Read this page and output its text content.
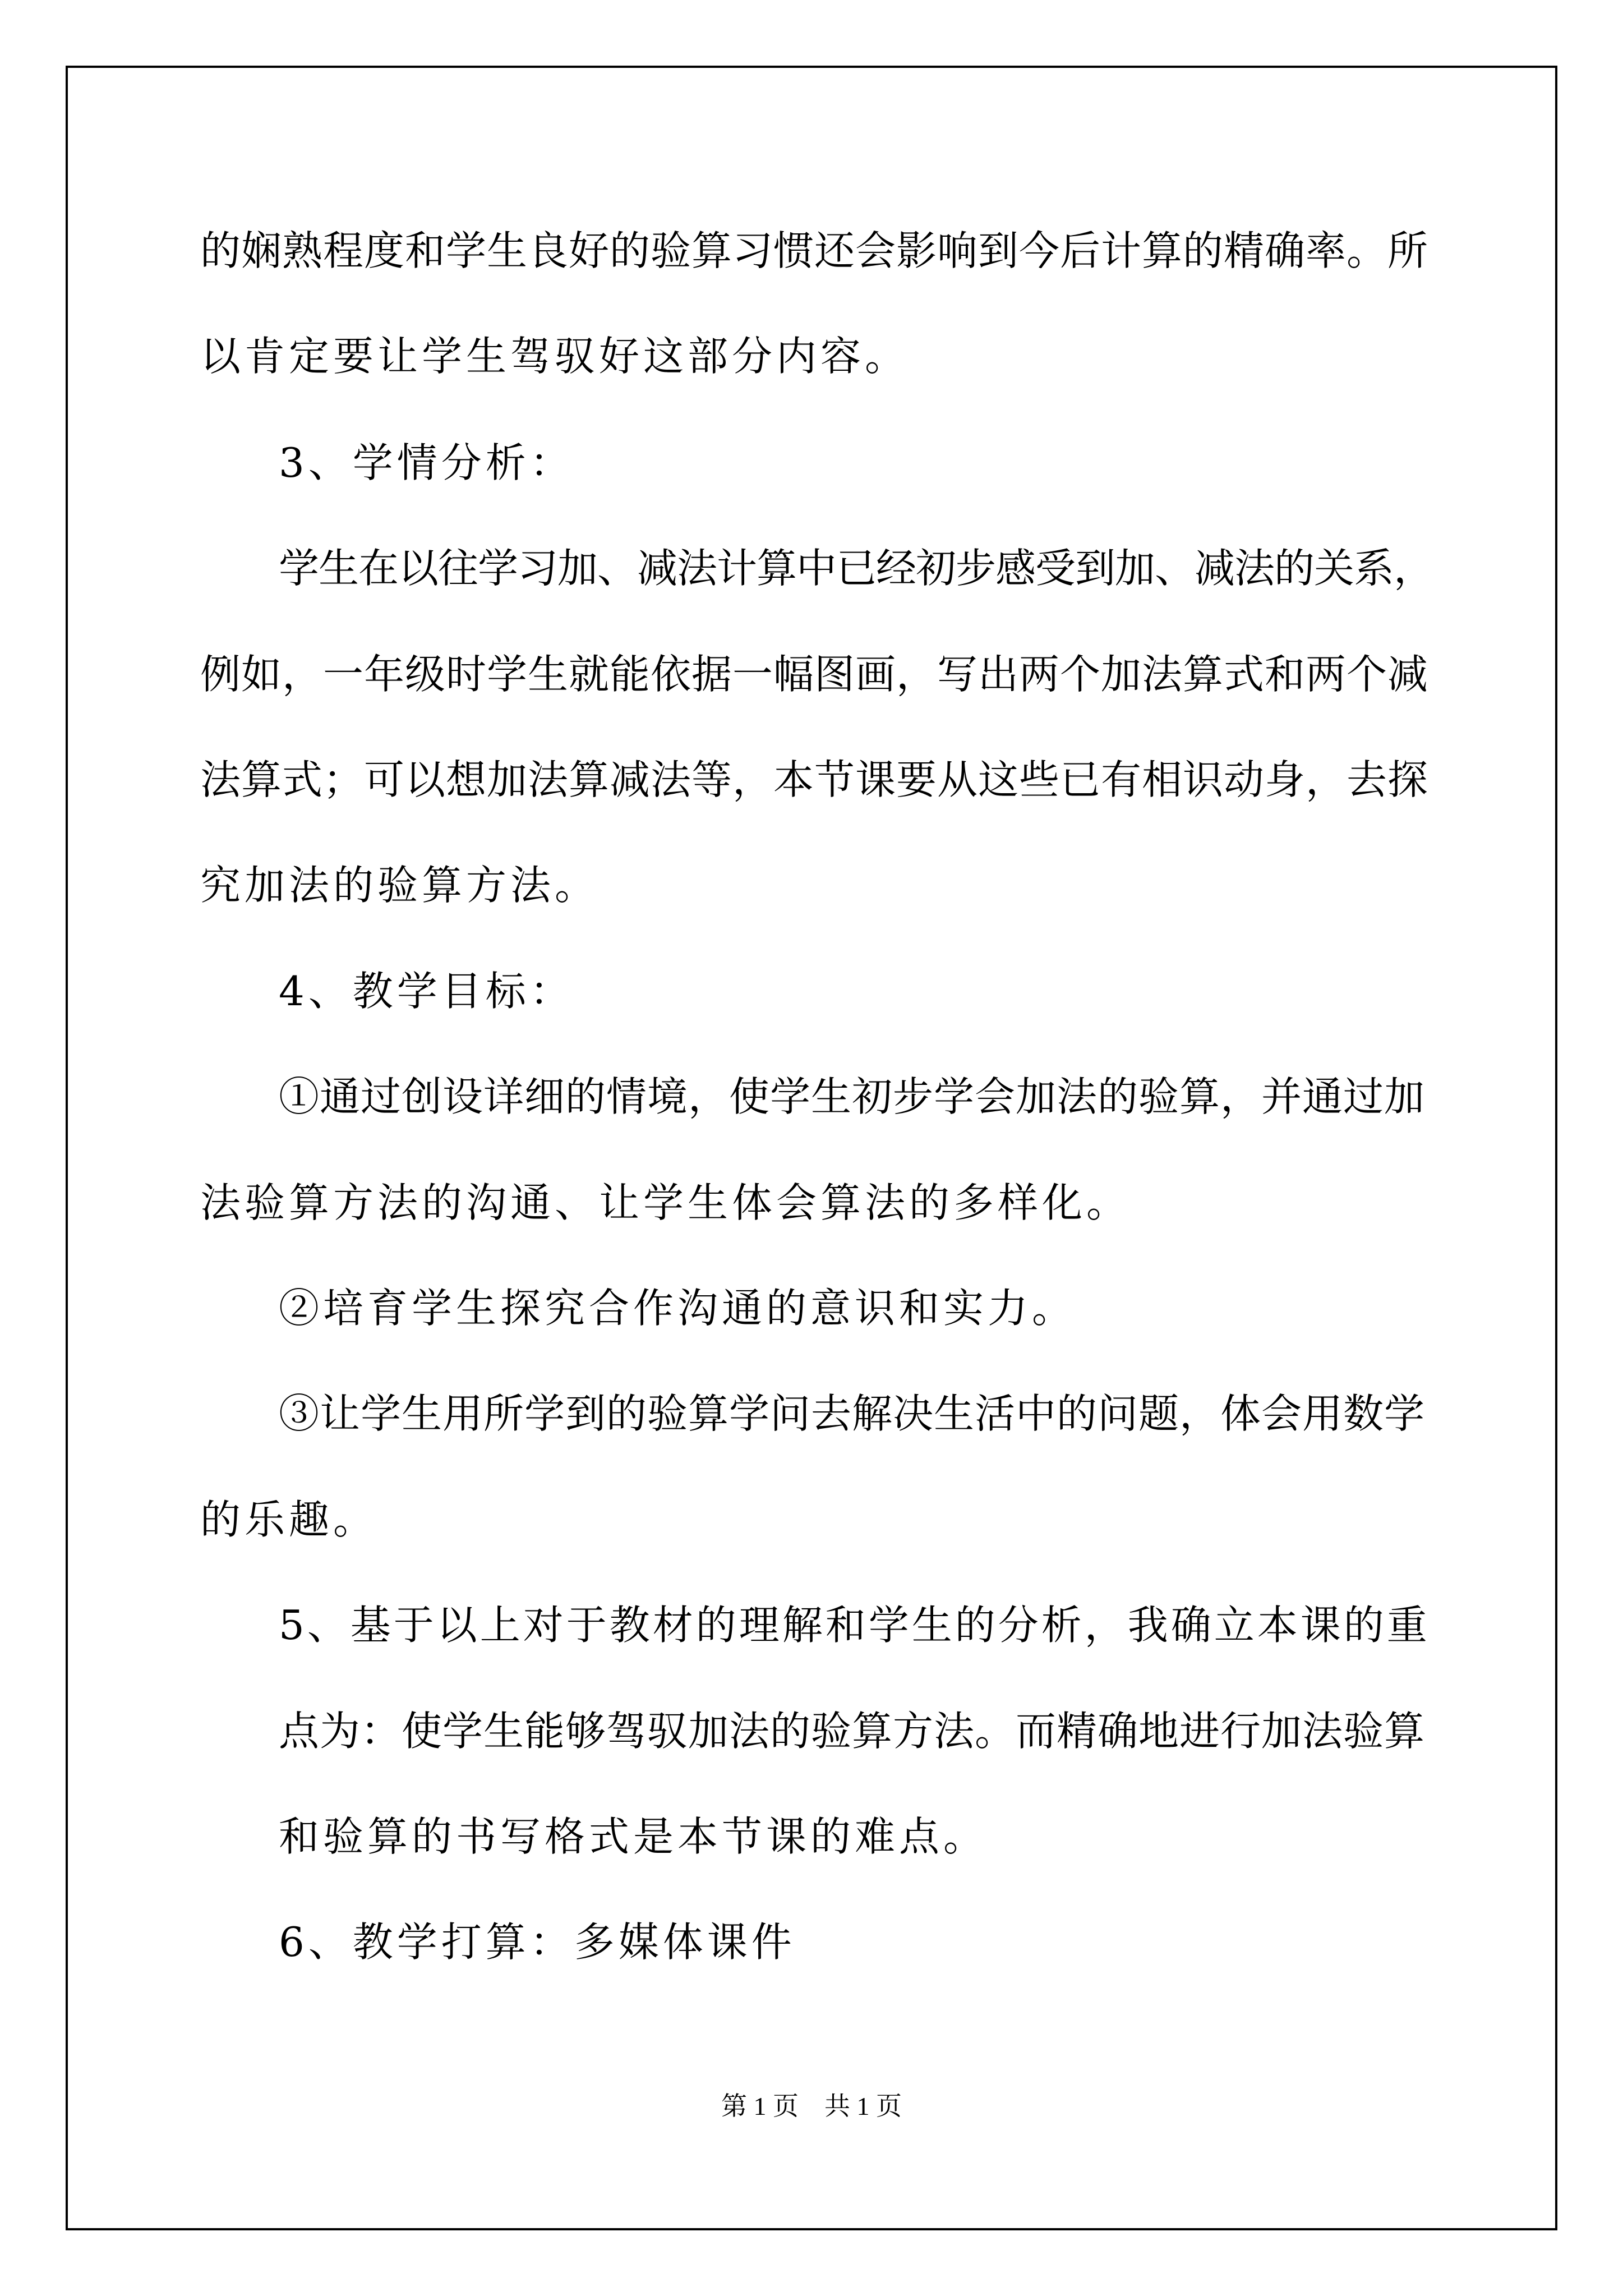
的娴熟程度和学生良好的验算习惯还会影响到今后计算的精确率。所
以肯定要让学生驾驭好这部分内容。
3、学情分析：
学生在以往学习加、减法计算中已经初步感受到加、减法的关系，
例如，一年级时学生就能依据一幅图画，写出两个加法算式和两个减
法算式；可以想加法算减法等，本节课要从这些已有相识动身，去探
究加法的验算方法。
4、教学目标：
①通过创设详细的情境，使学生初步学会加法的验算，并通过加
法验算方法的沟通、让学生体会算法的多样化。
②培育学生探究合作沟通的意识和实力。
③让学生用所学到的验算学问去解决生活中的问题，体会用数学
的乐趣。
5、基于以上对于教材的理解和学生的分析，我确立本课的重
点为：使学生能够驾驭加法的验算方法。而精确地进行加法验算
和验算的书写格式是本节课的难点。
6、教学打算：多媒体课件
第 1 页　共 1 页
